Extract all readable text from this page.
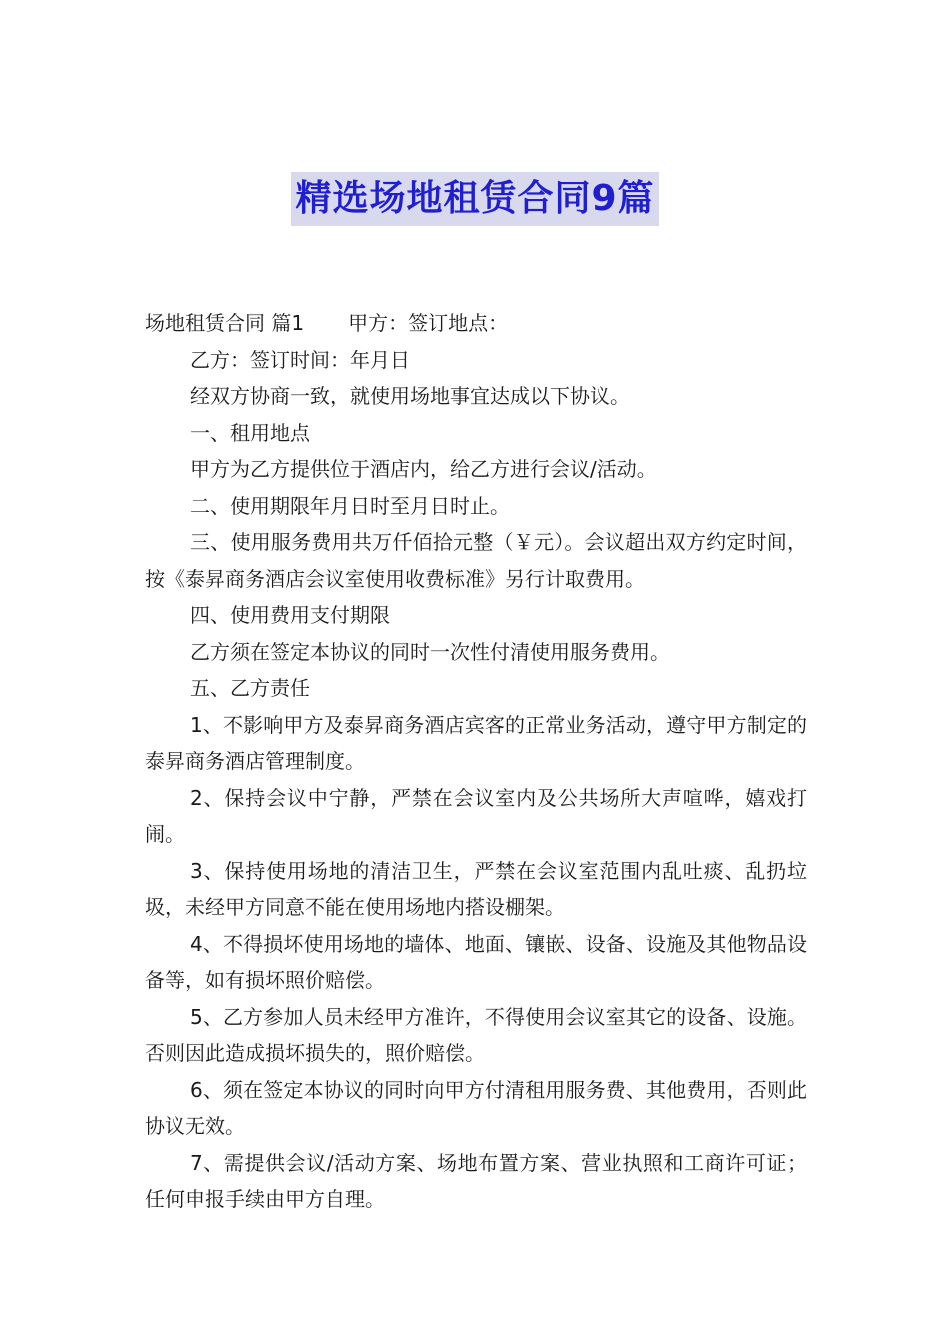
精选场地租赁合同9篇

场地租赁合同 篇1 甲方：签订地点：

乙方：签订时间：年月日

经双方协商一致，就使用场地事宜达成以下协议。

一、租用地点

甲方为乙方提供位于酒店内，给乙方进行会议/活动。

二、使用期限年月日时至月日时止。

三、使用服务费用共万仟佰拾元整（￥元）。会议超出双方约定时间，按《泰昇商务酒店会议室使用收费标准》另行计取费用。

四、使用费用支付期限

乙方须在签定本协议的同时一次性付清使用服务费用。

五、乙方责任

1、不影响甲方及泰昇商务酒店宾客的正常业务活动，遵守甲方制定的泰昇商务酒店管理制度。

2、保持会议中宁静，严禁在会议室内及公共场所大声喧哗，嬉戏打闹。

3、保持使用场地的清洁卫生，严禁在会议室范围内乱吐痰、乱扔垃圾，未经甲方同意不能在使用场地内搭设棚架。

4、不得损坏使用场地的墙体、地面、镶嵌、设备、设施及其他物品设备等，如有损坏照价赔偿。

5、乙方参加人员未经甲方准许，不得使用会议室其它的设备、设施。否则因此造成损坏损失的，照价赔偿。

6、须在签定本协议的同时向甲方付清租用服务费、其他费用，否则此协议无效。

7、需提供会议/活动方案、场地布置方案、营业执照和工商许可证；任何申报手续由甲方自理。
